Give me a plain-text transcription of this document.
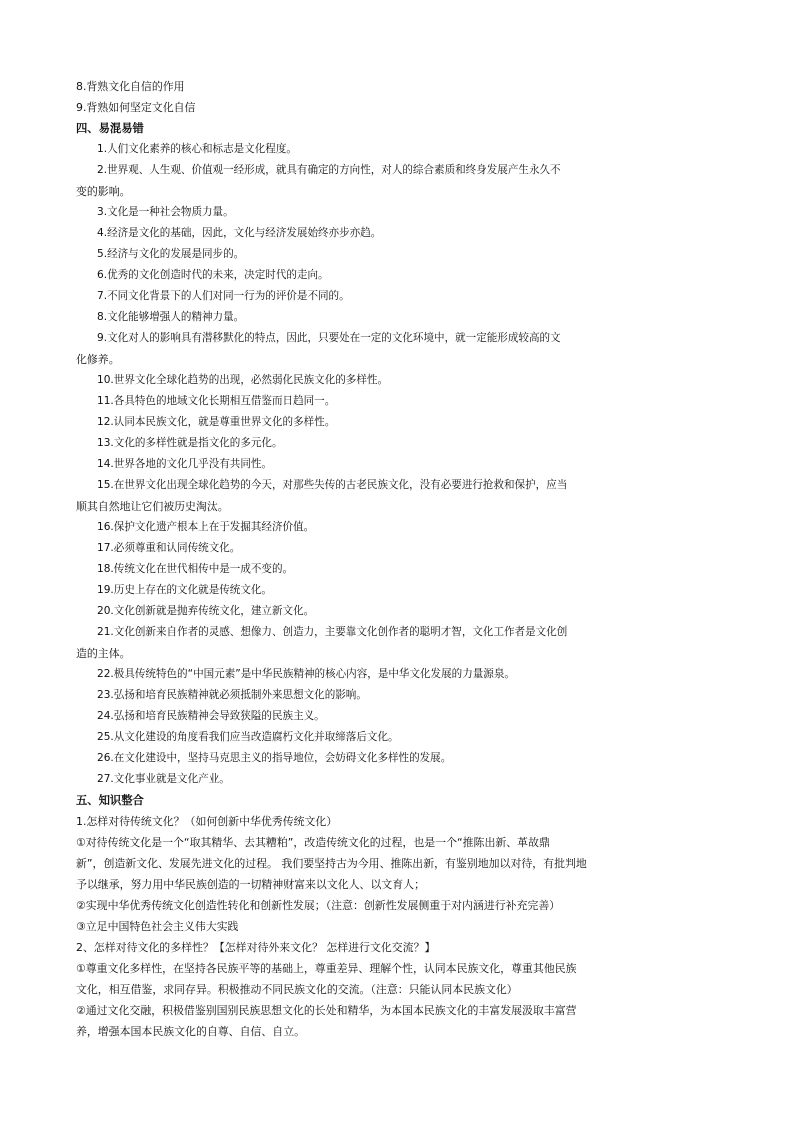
8.背熟文化自信的作用
9.背熟如何坚定文化自信
四、易混易错
1.人们文化素养的核心和标志是文化程度。
2.世界观、人生观、价值观一经形成，就具有确定的方向性，对人的综合素质和终身发展产生永久不
变的影响。
3.文化是一种社会物质力量。
4.经济是文化的基础，因此，文化与经济发展始终亦步亦趋。
5.经济与文化的发展是同步的。
6.优秀的文化创造时代的未来，决定时代的走向。
7.不同文化背景下的人们对同一行为的评价是不同的。
8.文化能够增强人的精神力量。
9.文化对人的影响具有潜移默化的特点，因此，只要处在一定的文化环境中，就一定能形成较高的文
化修养。
10.世界文化全球化趋势的出现，必然弱化民族文化的多样性。
11.各具特色的地域文化长期相互借鉴而日趋同一。
12.认同本民族文化，就是尊重世界文化的多样性。
13.文化的多样性就是指文化的多元化。
14.世界各地的文化几乎没有共同性。
15.在世界文化出现全球化趋势的今天，对那些失传的古老民族文化，没有必要进行抢救和保护，应当
顺其自然地让它们被历史淘汰。
16.保护文化遗产根本上在于发掘其经济价值。
17.必须尊重和认同传统文化。
18.传统文化在世代相传中是一成不变的。
19.历史上存在的文化就是传统文化。
20.文化创新就是抛弃传统文化，建立新文化。
21.文化创新来自作者的灵感、想像力、创造力，主要靠文化创作者的聪明才智，文化工作者是文化创
造的主体。
22.极具传统特色的“中国元素”是中华民族精神的核心内容，是中华文化发展的力量源泉。
23.弘扬和培育民族精神就必须抵制外来思想文化的影响。
24.弘扬和培育民族精神会导致狭隘的民族主义。
25.从文化建设的角度看我们应当改造腐朽文化并取缔落后文化。
26.在文化建设中，坚持马克思主义的指导地位，会妨碍文化多样性的发展。
27.文化事业就是文化产业。
五、知识整合
1.怎样对待传统文化？（如何创新中华优秀传统文化）
①对待传统文化是一个“取其精华、去其糟粕”，改造传统文化的过程，也是一个“推陈出新、革故鼎
新”，创造新文化、发展先进文化的过程。 我们要坚持古为今用、推陈出新，有鉴别地加以对待，有批判地
予以继承，努力用中华民族创造的一切精神财富来以文化人、以文育人；
②实现中华优秀传统文化创造性转化和创新性发展；（注意：创新性发展侧重于对内涵进行补充完善）
③立足中国特色社会主义伟大实践
2、怎样对待文化的多样性？【怎样对待外来文化？ 怎样进行文化交流？】
①尊重文化多样性，在坚持各民族平等的基础上，尊重差异、理解个性，认同本民族文化，尊重其他民族
文化，相互借鉴，求同存异。积极推动不同民族文化的交流。（注意：只能认同本民族文化）
②通过文化交融，积极借鉴别国别民族思想文化的长处和精华，为本国本民族文化的丰富发展汲取丰富营
养，增强本国本民族文化的自尊、自信、自立。
